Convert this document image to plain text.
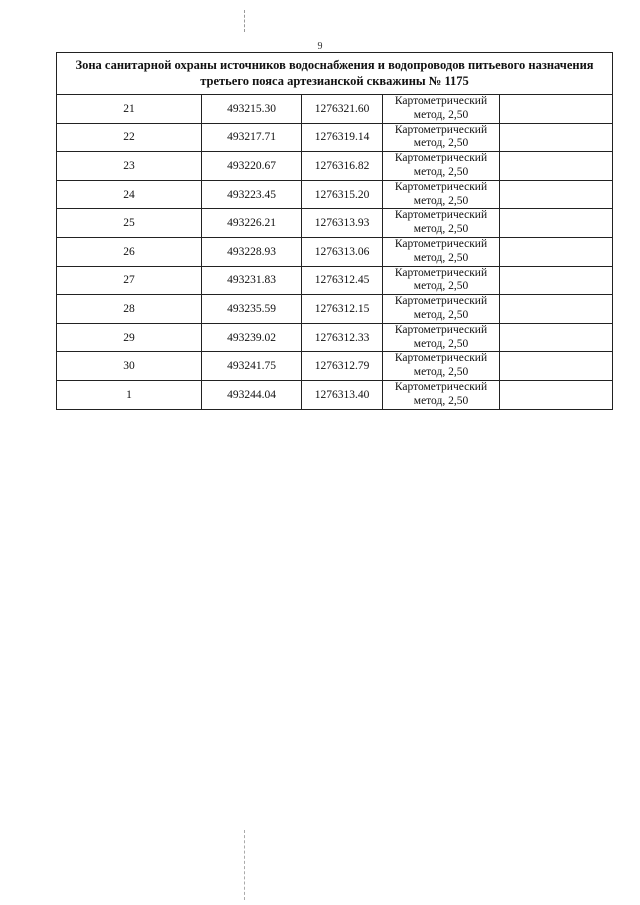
9
Зона санитарной охраны источников водоснабжения и водопроводов питьевого назначения третьего пояса артезианской скважины № 1175				
21	493215.30	1276321.60	Картометрический
метод, 2,50	

22	493217.71	1276319.14	Картометрический
метод, 2,50	

23	493220.67	1276316.82	Картометрический
метод, 2,50	

24	493223.45	1276315.20	Картометрический
метод, 2,50	

25	493226.21	1276313.93	Картометрический
метод, 2,50	

26	493228.93	1276313.06	Картометрический
метод, 2,50	

27	493231.83	1276312.45	Картометрический
метод, 2,50	

28	493235.59	1276312.15	Картометрический
метод, 2,50	

29	493239.02	1276312.33	Картометрический
метод, 2,50	

30	493241.75	1276312.79	Картометрический
метод, 2,50	

1	493244.04	1276313.40	Картометрический
метод, 2,50	
